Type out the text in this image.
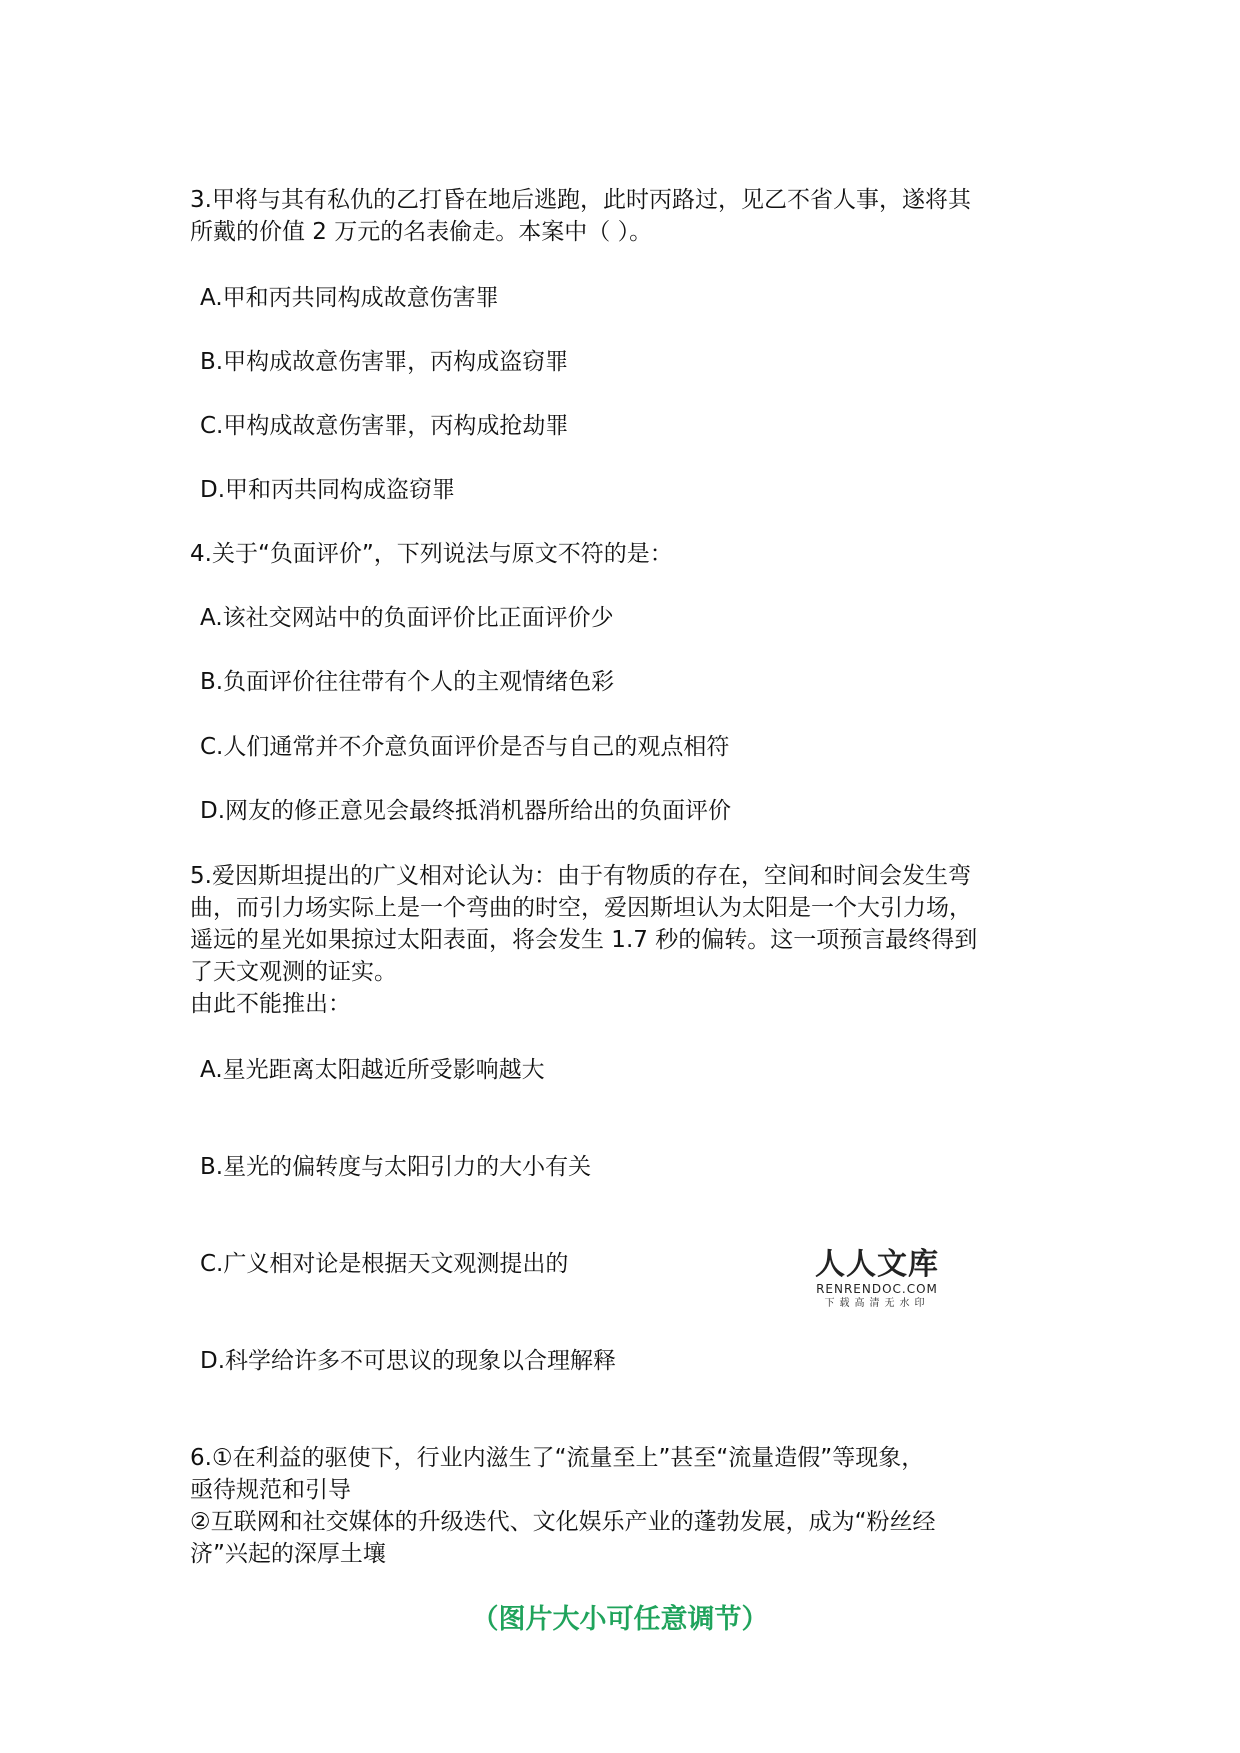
3.甲将与其有私仇的乙打昏在地后逃跑，此时丙路过，见乙不省人事，遂将其
所戴的价值 2 万元的名表偷走。本案中（ ）。
A.甲和丙共同构成故意伤害罪
B.甲构成故意伤害罪，丙构成盗窃罪
C.甲构成故意伤害罪，丙构成抢劫罪
D.甲和丙共同构成盗窃罪
4.关于“负面评价”，下列说法与原文不符的是：
A.该社交网站中的负面评价比正面评价少
B.负面评价往往带有个人的主观情绪色彩
C.人们通常并不介意负面评价是否与自己的观点相符
D.网友的修正意见会最终抵消机器所给出的负面评价
5.爱因斯坦提出的广义相对论认为：由于有物质的存在，空间和时间会发生弯
曲，而引力场实际上是一个弯曲的时空，爱因斯坦认为太阳是一个大引力场，
遥远的星光如果掠过太阳表面，将会发生 1.7 秒的偏转。这一项预言最终得到
了天文观测的证实。
由此不能推出：
A.星光距离太阳越近所受影响越大
B.星光的偏转度与太阳引力的大小有关
C.广义相对论是根据天文观测提出的
D.科学给许多不可思议的现象以合理解释
6.①在利益的驱使下，行业内滋生了“流量至上”甚至“流量造假”等现象，
亟待规范和引导
②互联网和社交媒体的升级迭代、文化娱乐产业的蓬勃发展，成为“粉丝经
济”兴起的深厚土壤
人人文库
RENRENDOC.COM
下载高清无水印
（图片大小可任意调节）
